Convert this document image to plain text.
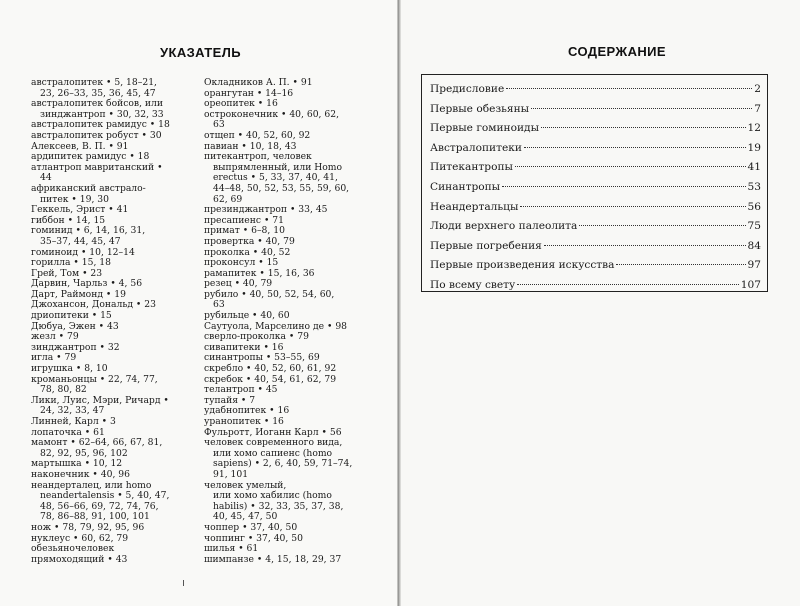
УКАЗАТЕЛЬ
австралопитек • 5, 18–21,
23, 26–33, 35, 36, 45, 47
австралопитек бойсов, или
зинджантроп • 30, 32, 33
австралопитек рамидус • 18
австралопитек робуст • 30
Алексеев, В. П. • 91
ардипитек рамидус • 18
атлантроп мавританский •
44
африканский австрало-
питек • 19, 30
Геккель, Эрист • 41
гиббон • 14, 15
гоминид • 6, 14, 16, 31,
35–37, 44, 45, 47
гоминоид • 10, 12–14
горилла • 15, 18
Грей, Том • 23
Дарвин, Чарльз • 4, 56
Дарт, Раймонд • 19
Джохансон, Дональд • 23
дриопитеки • 15
Дюбуа, Эжен • 43
жезл • 79
зинджантроп • 32
игла • 79
игрушка • 8, 10
кроманьонцы • 22, 74, 77,
78, 80, 82
Лики, Луис, Мэри, Ричард •
24, 32, 33, 47
Линней, Карл • 3
лопаточка • 61
мамонт • 62–64, 66, 67, 81,
82, 92, 95, 96, 102
мартышка • 10, 12
наконечник • 40, 96
неандерталец, или homo
neandertalensis • 5, 40, 47,
48, 56–66, 69, 72, 74, 76,
78, 86–88, 91, 100, 101
нож • 78, 79, 92, 95, 96
нуклеус • 60, 62, 79
обезьяночеловек
прямоходящий • 43
Окладников А. П. • 91
орангутан • 14–16
ореопитек • 16
остроконечник • 40, 60, 62,
63
отщеп • 40, 52, 60, 92
павиан • 10, 18, 43
питекантроп, человек
выпрямленный, или Homo
erectus • 5, 33, 37, 40, 41,
44–48, 50, 52, 53, 55, 59, 60,
62, 69
презинджантроп • 33, 45
пресапиенс • 71
примат • 6–8, 10
провертка • 40, 79
проколка • 40, 52
проконсул • 15
рамапитек • 15, 16, 36
резец • 40, 79
рубило • 40, 50, 52, 54, 60,
63
рубильце • 40, 60
Саутуола, Марселино де • 98
сверло-проколка • 79
сивапитеки • 16
синантропы • 53–55, 69
скребло • 40, 52, 60, 61, 92
скребок • 40, 54, 61, 62, 79
телантроп • 45
тупайя • 7
удабнопитек • 16
уранопитек • 16
Фульротт, Иоганн Карл • 56
человек современного вида,
или хомо сапиенс (homo
sapiens) • 2, 6, 40, 59, 71–74,
91, 101
человек умелый,
или хомо хабилис (homo
habilis) • 32, 33, 35, 37, 38,
40, 45, 47, 50
чоппер • 37, 40, 50
чоппинг • 37, 40, 50
шилья • 61
шимпанзе • 4, 15, 18, 29, 37
СОДЕРЖАНИЕ
Предисловие	2
Первые обезьяны	7
Первые гоминоиды	12
Австралопитеки	19
Питекантропы	41
Синантропы	53
Неандертальцы	56
Люди верхнего палеолита	75
Первые погребения	84
Первые произведения искусства	97
По всему свету	107
